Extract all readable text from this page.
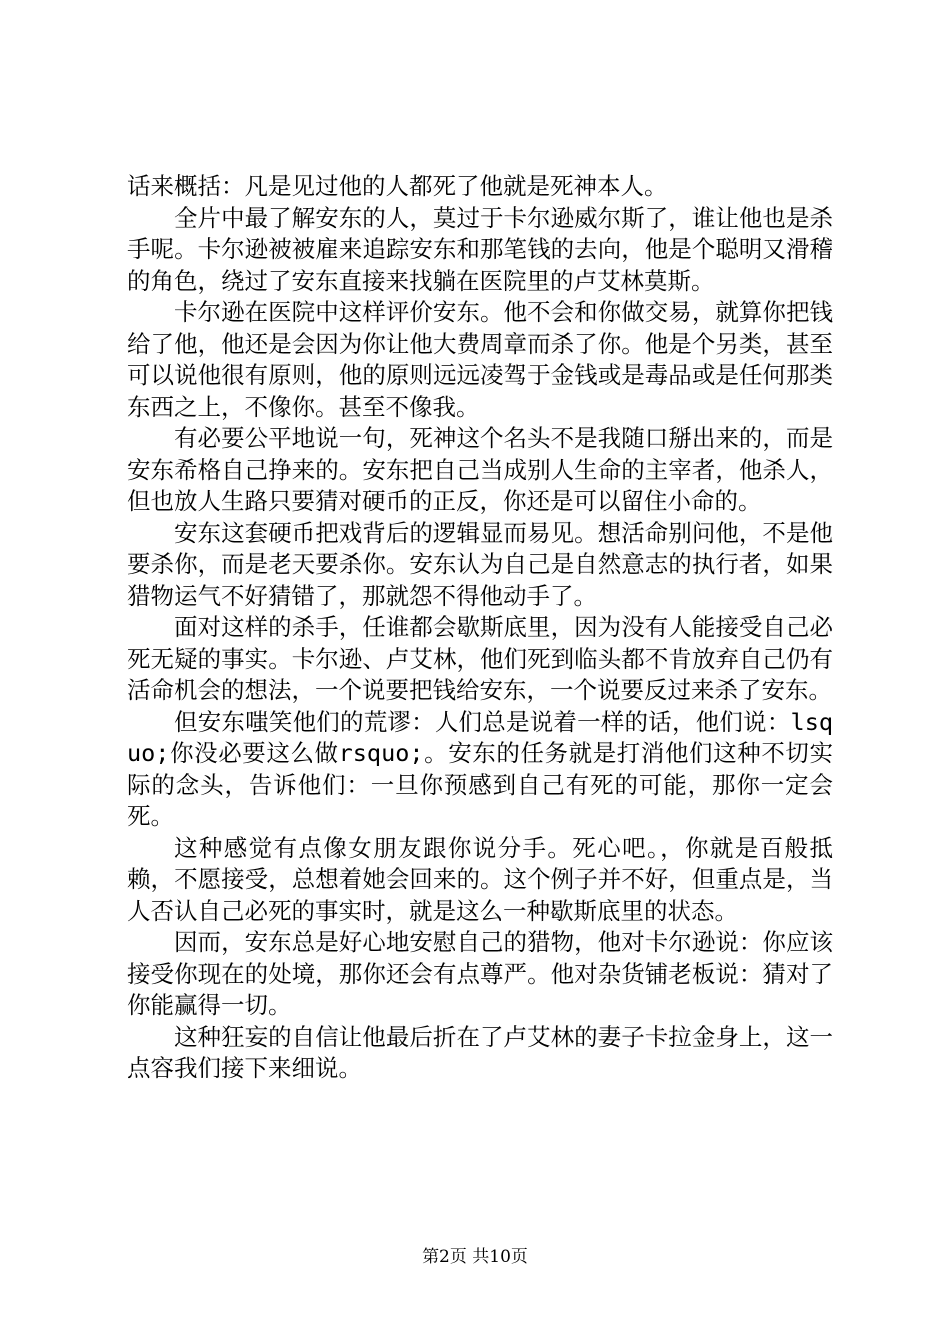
话来概括：凡是见过他的人都死了他就是死神本人。

全片中最了解安东的人，莫过于卡尔逊威尔斯了，谁让他也是杀手呢。卡尔逊被被雇来追踪安东和那笔钱的去向，他是个聪明又滑稽的角色，绕过了安东直接来找躺在医院里的卢艾林莫斯。

卡尔逊在医院中这样评价安东。他不会和你做交易，就算你把钱给了他，他还是会因为你让他大费周章而杀了你。他是个另类，甚至可以说他很有原则，他的原则远远凌驾于金钱或是毒品或是任何那类东西之上，不像你。甚至不像我。

有必要公平地说一句，死神这个名头不是我随口掰出来的，而是安东希格自己挣来的。安东把自己当成别人生命的主宰者，他杀人，但也放人生路只要猜对硬币的正反，你还是可以留住小命的。

安东这套硬币把戏背后的逻辑显而易见。想活命别问他，不是他要杀你，而是老天要杀你。安东认为自己是自然意志的执行者，如果猎物运气不好猜错了，那就怨不得他动手了。

面对这样的杀手，任谁都会歇斯底里，因为没有人能接受自己必死无疑的事实。卡尔逊、卢艾林，他们死到临头都不肯放弃自己仍有活命机会的想法，一个说要把钱给安东，一个说要反过来杀了安东。

但安东嗤笑他们的荒谬：人们总是说着一样的话，他们说：lsquo;你没必要这么做rsquo;。安东的任务就是打消他们这种不切实际的念头，告诉他们：一旦你预感到自己有死的可能，那你一定会死。

这种感觉有点像女朋友跟你说分手。死心吧。，你就是百般抵赖，不愿接受，总想着她会回来的。这个例子并不好，但重点是，当人否认自己必死的事实时，就是这么一种歇斯底里的状态。

因而，安东总是好心地安慰自己的猎物，他对卡尔逊说：你应该接受你现在的处境，那你还会有点尊严。他对杂货铺老板说：猜对了你能赢得一切。

这种狂妄的自信让他最后折在了卢艾林的妻子卡拉金身上，这一点容我们接下来细说。

第2页 共10页
